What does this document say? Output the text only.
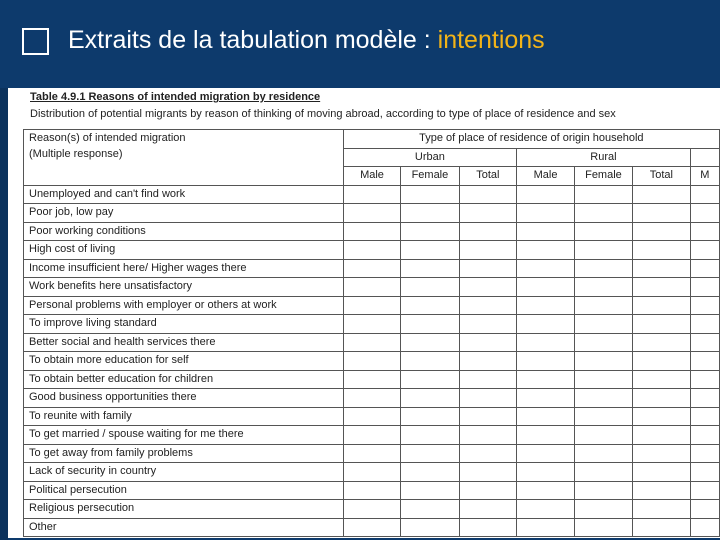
Extraits de la tabulation modèle : intentions
Table 4.9.1 Reasons of intended migration by residence
Distribution of potential migrants by reason of thinking of moving abroad, according to type of place of residence and sex
Reason(s) of intended migration
(Multiple response)	Type of place of residence of origin household						
	Urban			Rural			
	Male	Female	Total	Male	Female	Total	M
Unemployed and can't find work							
Poor job, low pay							
Poor working conditions							
High cost of living							
Income insufficient here/ Higher wages there							
Work benefits here unsatisfactory							
Personal problems with employer or others at work							
To improve living standard							
Better social and health services there							
To obtain more education for self							
To obtain better education for children							
Good business opportunities there							
To reunite with family							
To get married / spouse waiting for me there							
To get away from family problems							
Lack of security in country							
Political persecution							
Religious persecution							
Other							
